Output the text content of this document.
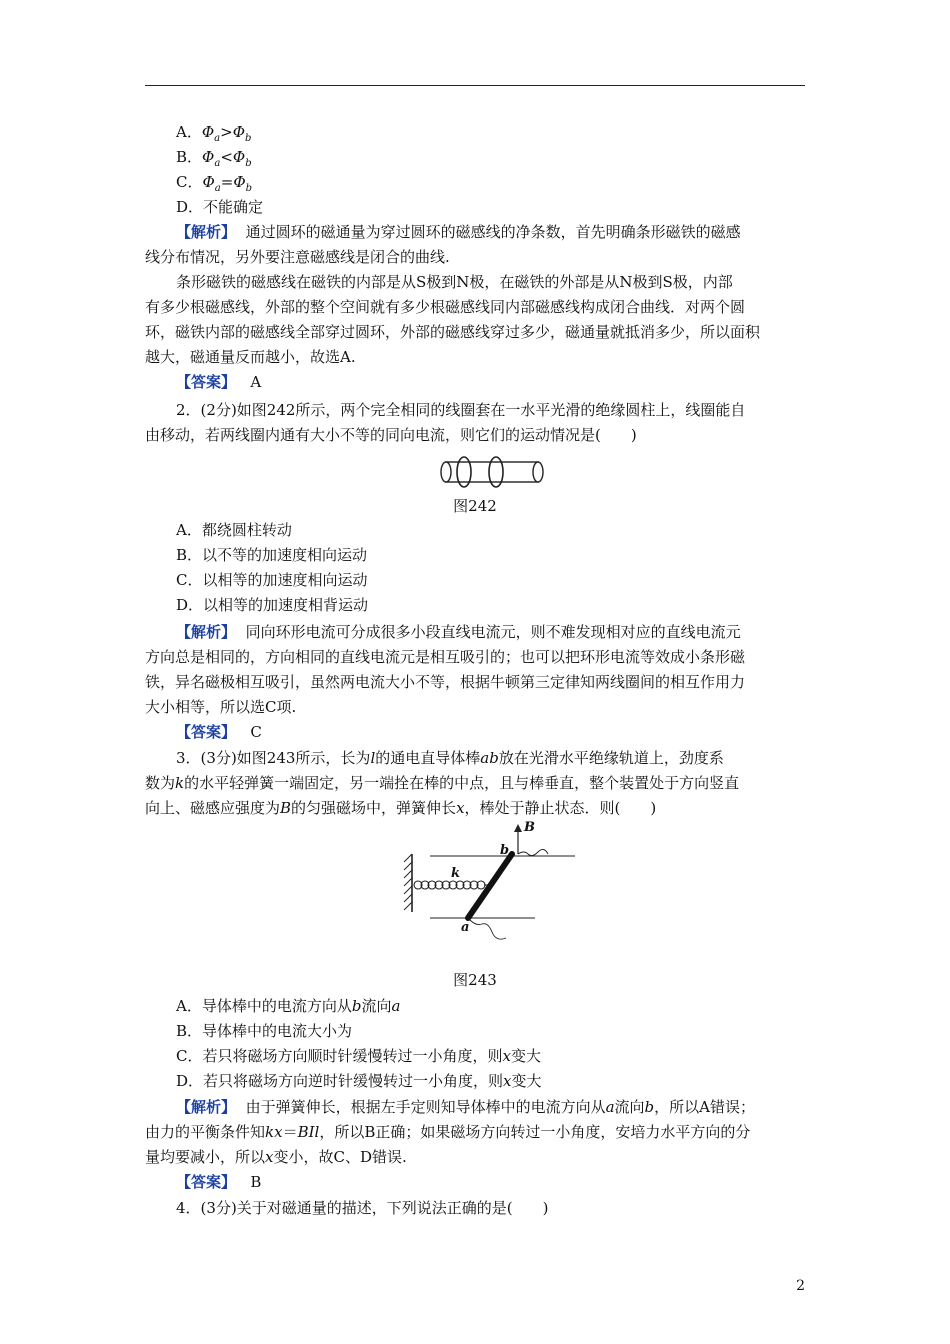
A．$\Phi_a>\Phi_b$
B．$\Phi_a<\Phi_b$
C．$\Phi_a=\Phi_b$
D．不能确定
【解析】 通过圆环的磁通量为穿过圆环的磁感线的净条数，首先明确条形磁铁的磁感
线分布情况，另外要注意磁感线是闭合的曲线.
条形磁铁的磁感线在磁铁的内部是从S极到N极，在磁铁的外部是从N极到S极，内部
有多少根磁感线，外部的整个空间就有多少根磁感线同内部磁感线构成闭合曲线．对两个圆
环，磁铁内部的磁感线全部穿过圆环，外部的磁感线穿过多少，磁通量就抵消多少，所以面积
越大，磁通量反而越小，故选A.
【答案】 A
2．(2分)如图242所示，两个完全相同的线圈套在一水平光滑的绝缘圆柱上，线圈能自
由移动，若两线圈内通有大小不等的同向电流，则它们的运动情况是(　　)
图242
A．都绕圆柱转动
B．以不等的加速度相向运动
C．以相等的加速度相向运动
D．以相等的加速度相背运动
【解析】 同向环形电流可分成很多小段直线电流元，则不难发现相对应的直线电流元
方向总是相同的，方向相同的直线电流元是相互吸引的；也可以把环形电流等效成小条形磁
铁，异名磁极相互吸引，虽然两电流大小不等，根据牛顿第三定律知两线圈间的相互作用力
大小相等，所以选C项.
【答案】 C
3．(3分)如图243所示，长为l的通电直导体棒ab放在光滑水平绝缘轨道上，劲度系
数为k的水平轻弹簧一端固定，另一端拴在棒的中点，且与棒垂直，整个装置处于方向竖直
向上、磁感应强度为B的匀强磁场中，弹簧伸长x，棒处于静止状态．则(　　)
B
b
k
a
图243
A．导体棒中的电流方向从b流向a
B．导体棒中的电流大小为
C．若只将磁场方向顺时针缓慢转过一小角度，则x变大
D．若只将磁场方向逆时针缓慢转过一小角度，则x变大
【解析】 由于弹簧伸长，根据左手定则知导体棒中的电流方向从a流向b，所以A错误；
由力的平衡条件知kx＝BIl，所以B正确；如果磁场方向转过一小角度，安培力水平方向的分
量均要减小，所以x变小，故C、D错误.
【答案】 B
4．(3分)关于对磁通量的描述，下列说法正确的是(　　)
2
